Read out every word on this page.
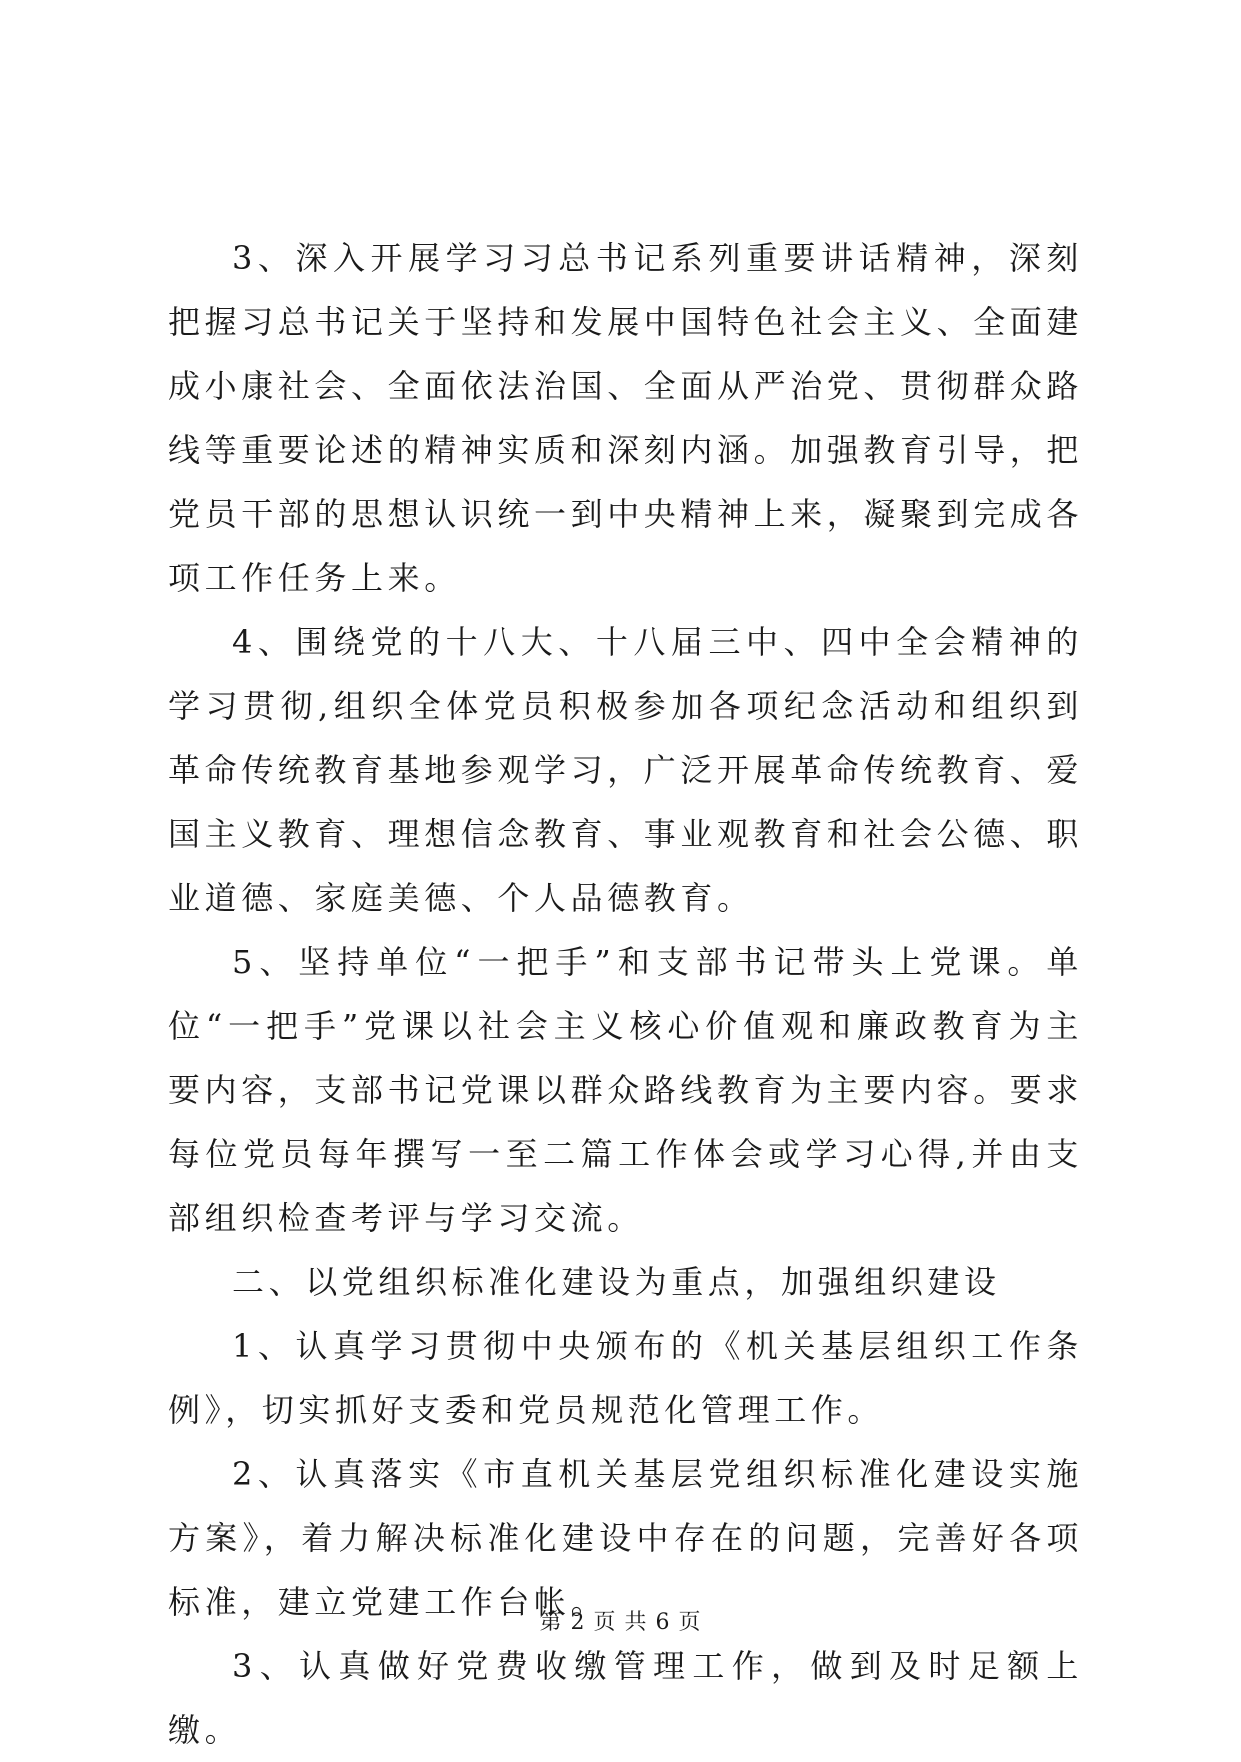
3、深入开展学习习总书记系列重要讲话精神，深刻把握习总书记关于坚持和发展中国特色社会主义、全面建成小康社会、全面依法治国、全面从严治党、贯彻群众路线等重要论述的精神实质和深刻内涵。加强教育引导，把党员干部的思想认识统一到中央精神上来，凝聚到完成各项工作任务上来。

4、围绕党的十八大、十八届三中、四中全会精神的学习贯彻,组织全体党员积极参加各项纪念活动和组织到革命传统教育基地参观学习，广泛开展革命传统教育、爱国主义教育、理想信念教育、事业观教育和社会公德、职业道德、家庭美德、个人品德教育。

5、坚持单位“一把手”和支部书记带头上党课。单位“一把手”党课以社会主义核心价值观和廉政教育为主要内容，支部书记党课以群众路线教育为主要内容。要求每位党员每年撰写一至二篇工作体会或学习心得,并由支部组织检查考评与学习交流。

二、以党组织标准化建设为重点，加强组织建设

1、认真学习贯彻中央颁布的《机关基层组织工作条例》，切实抓好支委和党员规范化管理工作。

2、认真落实《市直机关基层党组织标准化建设实施方案》，着力解决标准化建设中存在的问题，完善好各项标准，建立党建工作台帐。

3、认真做好党费收缴管理工作，做到及时足额上缴。

第 2 页 共 6 页
